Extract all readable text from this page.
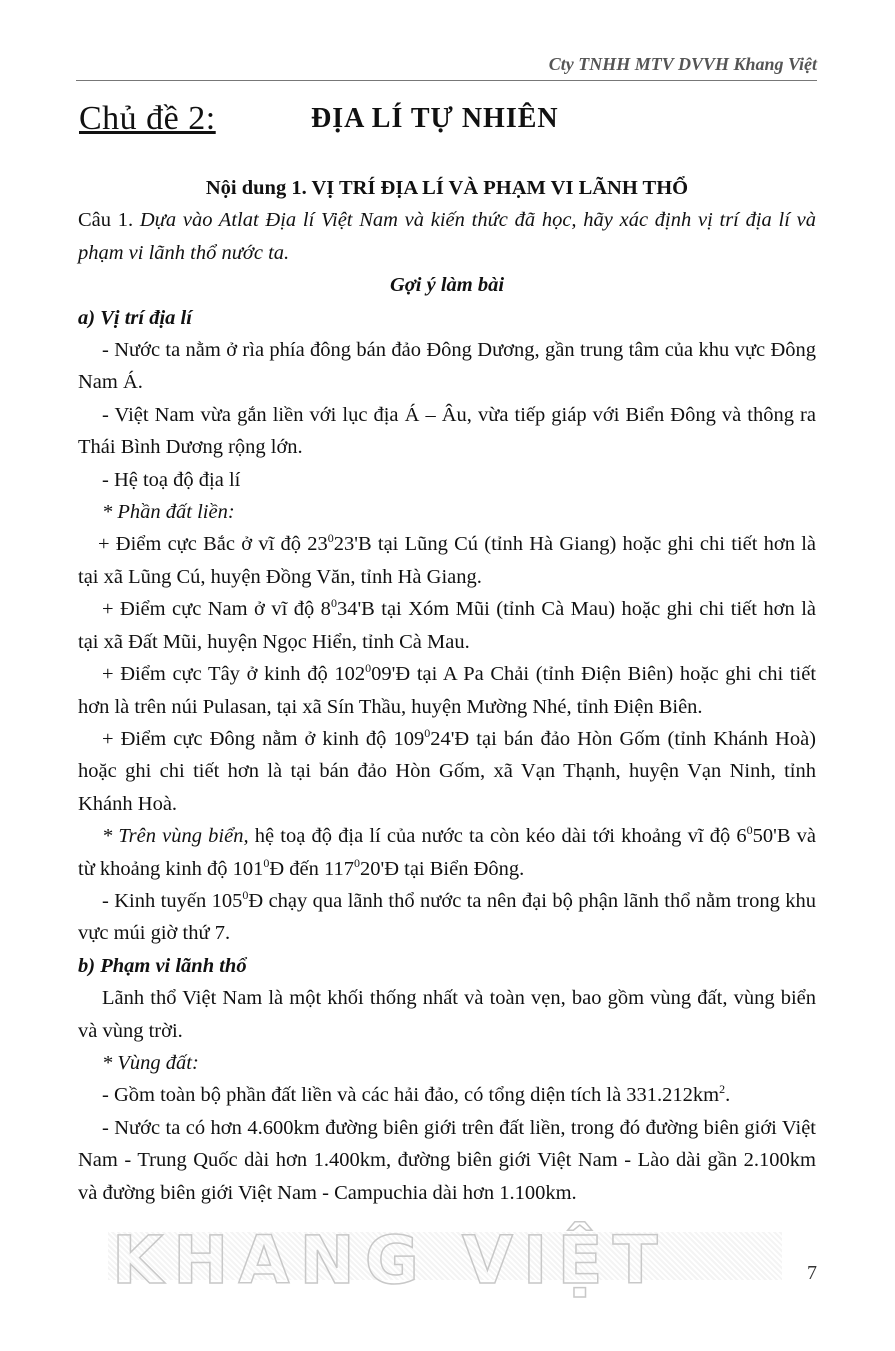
Cty TNHH MTV DVVH Khang Việt
Chủ đề 2:	ĐỊA LÍ TỰ NHIÊN
KHANG VIỆT

Nội dung 1. VỊ TRÍ ĐỊA LÍ VÀ PHẠM VI LÃNH THỔ

Câu 1. Dựa vào Atlat Địa lí Việt Nam và kiến thức đã học, hãy xác định vị trí địa lí và phạm vi lãnh thổ nước ta.

Gợi ý làm bài

a) Vị trí địa lí

- Nước ta nằm ở rìa phía đông bán đảo Đông Dương, gần trung tâm của khu vực Đông Nam Á.

- Việt Nam vừa gắn liền với lục địa Á – Âu, vừa tiếp giáp với Biển Đông và thông ra Thái Bình Dương rộng lớn.

- Hệ toạ độ địa lí

* Phần đất liền:

+ Điểm cực Bắc ở vĩ độ $23^023'B$ tại Lũng Cú (tỉnh Hà Giang) hoặc ghi chi tiết hơn là tại xã Lũng Cú, huyện Đồng Văn, tỉnh Hà Giang.

+ Điểm cực Nam ở vĩ độ $8^034'B$ tại Xóm Mũi (tỉnh Cà Mau) hoặc ghi chi tiết hơn là tại xã Đất Mũi, huyện Ngọc Hiển, tỉnh Cà Mau.

+ Điểm cực Tây ở kinh độ $102^009'Đ$ tại A Pa Chải (tỉnh Điện Biên) hoặc ghi chi tiết hơn là trên núi Pulasan, tại xã Sín Thầu, huyện Mường Nhé, tỉnh Điện Biên.

+ Điểm cực Đông nằm ở kinh độ $109^024'Đ$ tại bán đảo Hòn Gốm (tỉnh Khánh Hoà) hoặc ghi chi tiết hơn là tại bán đảo Hòn Gốm, xã Vạn Thạnh, huyện Vạn Ninh, tỉnh Khánh Hoà.

* Trên vùng biển, hệ toạ độ địa lí của nước ta còn kéo dài tới khoảng vĩ độ $6^050'B$ và từ khoảng kinh độ $101^0Đ$ đến $117^020'Đ$ tại Biển Đông.

- Kinh tuyến $105^0Đ$ chạy qua lãnh thổ nước ta nên đại bộ phận lãnh thổ nằm trong khu vực múi giờ thứ 7.

b) Phạm vi lãnh thổ

Lãnh thổ Việt Nam là một khối thống nhất và toàn vẹn, bao gồm vùng đất, vùng biển và vùng trời.

* Vùng đất:

- Gồm toàn bộ phần đất liền và các hải đảo, có tổng diện tích là $331.212km^2$.

- Nước ta có hơn 4.600km đường biên giới trên đất liền, trong đó đường biên giới Việt Nam - Trung Quốc dài hơn 1.400km, đường biên giới Việt Nam - Lào dài gần 2.100km và đường biên giới Việt Nam - Campuchia dài hơn 1.100km.

7
